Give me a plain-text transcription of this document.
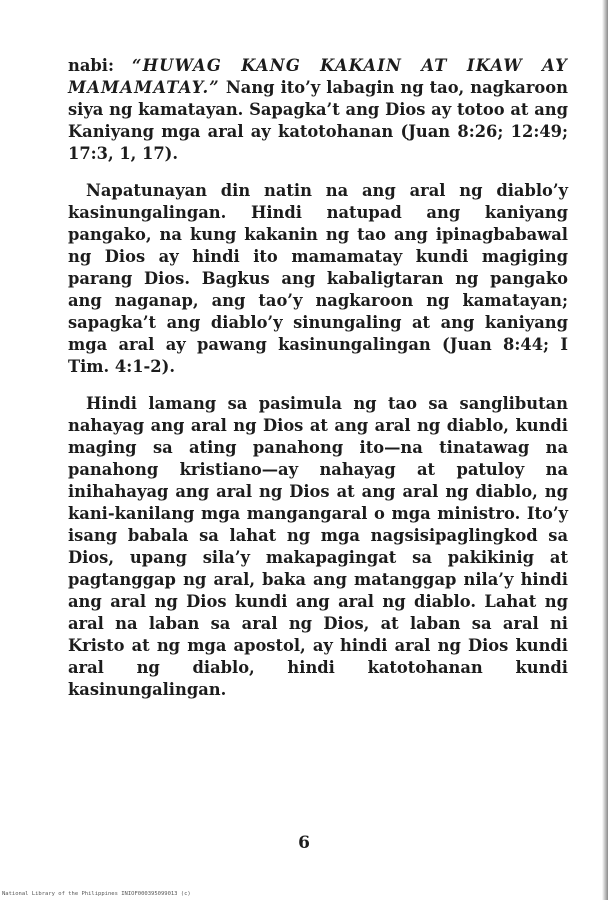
nabi: “HUWAG KANG KAKAIN AT IKAW AY MAMAMATAY.” Nang ito’y labagin ng tao, nagkaroon siya ng kamatayan. Sapagka’t ang Dios ay totoo at ang Kaniyang mga aral ay katotohanan (Juan 8:26; 12:49; 17:3, 1, 17).

Napatunayan din natin na ang aral ng diablo’y kasinungalingan. Hindi natupad ang kaniyang pangako, na kung kakanin ng tao ang ipinagbabawal ng Dios ay hindi ito mamamatay kundi magiging parang Dios. Bagkus ang kabaligtaran ng pangako ang naganap, ang tao’y nagkaroon ng kamatayan; sapagka’t ang diablo’y sinungaling at ang kaniyang mga aral ay pawang kasinungalingan (Juan 8:44; I Tim. 4:1-2).

Hindi lamang sa pasimula ng tao sa sanglibutan nahayag ang aral ng Dios at ang aral ng diablo, kundi maging sa ating panahong ito—na tinatawag na panahong kristiano—ay nahayag at patuloy na inihahayag ang aral ng Dios at ang aral ng diablo, ng kani-kanilang mga mangangaral o mga ministro. Ito’y isang babala sa lahat ng mga nagsisipaglingkod sa Dios, upang sila’y makapagingat sa pakikinig at pagtanggap ng aral, baka ang matanggap nila’y hindi ang aral ng Dios kundi ang aral ng diablo. Lahat ng aral na laban sa aral ng Dios, at laban sa aral ni Kristo at ng mga apostol, ay hindi aral ng Dios kundi aral ng diablo, hindi katotohanan kundi kasinungalingan.

6
National Library of the Philippines INIOF000395099013 (c)
